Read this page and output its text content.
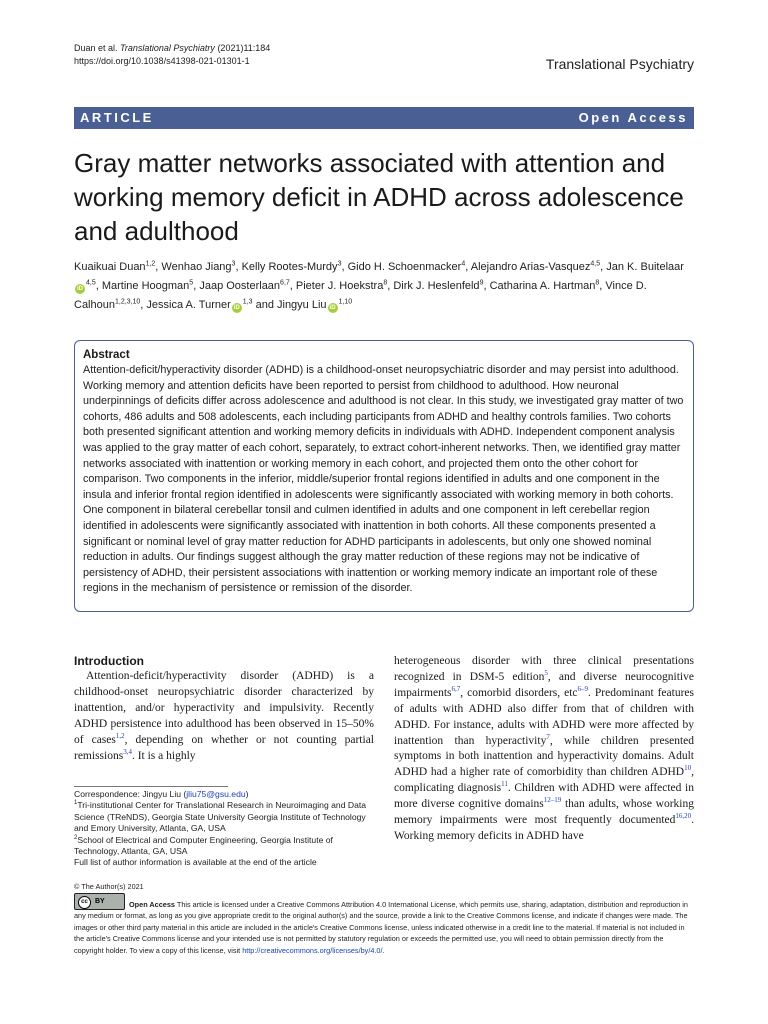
Duan et al. Translational Psychiatry (2021)11:184
https://doi.org/10.1038/s41398-021-01301-1	Translational Psychiatry
ARTICLE	Open Access
Gray matter networks associated with attention and working memory deficit in ADHD across adolescence and adulthood
Kuaikuai Duan$^{1,2}$, Wenhao Jiang$^3$, Kelly Rootes-Murdy$^3$, Gido H. Schoenmacker$^4$, Alejandro Arias-Vasquez$^{4,5}$, Jan K. BuitelaariD$^{4,5}$, Martine Hoogman$^5$, Jaap Oosterlaan$^{6,7}$, Pieter J. Hoekstra$^8$, Dirk J. Heslenfeld$^9$, Catharina A. Hartman$^8$, Vince D. Calhoun$^{1,2,3,10}$, Jessica A. Turner iD$^{1,3}$ and Jingyu Liu iD$^{1,10}$
Abstract
Attention-deficit/hyperactivity disorder (ADHD) is a childhood-onset neuropsychiatric disorder and may persist into adulthood. Working memory and attention deficits have been reported to persist from childhood to adulthood. How neuronal underpinnings of deficits differ across adolescence and adulthood is not clear. In this study, we investigated gray matter of two cohorts, 486 adults and 508 adolescents, each including participants from ADHD and healthy controls families. Two cohorts both presented significant attention and working memory deficits in individuals with ADHD. Independent component analysis was applied to the gray matter of each cohort, separately, to extract cohort-inherent networks. Then, we identified gray matter networks associated with inattention or working memory in each cohort, and projected them onto the other cohort for comparison. Two components in the inferior, middle/superior frontal regions identified in adults and one component in the insula and inferior frontal region identified in adolescents were significantly associated with working memory in both cohorts. One component in bilateral cerebellar tonsil and culmen identified in adults and one component in left cerebellar region identified in adolescents were significantly associated with inattention in both cohorts. All these components presented a significant or nominal level of gray matter reduction for ADHD participants in adolescents, but only one showed nominal reduction in adults. Our findings suggest although the gray matter reduction of these regions may not be indicative of persistency of ADHD, their persistent associations with inattention or working memory indicate an important role of these regions in the mechanism of persistence or remission of the disorder.
Introduction
Attention-deficit/hyperactivity disorder (ADHD) is a childhood-onset neuropsychiatric disorder characterized by inattention, and/or hyperactivity and impulsivity. Recently ADHD persistence into adulthood has been observed in 15–50% of cases$^{1,2}$, depending on whether or not counting partial remissions$^{3,4}$. It is a highly
heterogeneous disorder with three clinical presentations recognized in DSM-5 edition$^5$, and diverse neurocognitive impairments$^{6,7}$, comorbid disorders, etc$^{6-9}$. Predominant features of adults with ADHD also differ from that of children with ADHD. For instance, adults with ADHD were more affected by inattention than hyperactivity$^7$, while children presented symptoms in both inattention and hyperactivity domains. Adult ADHD had a higher rate of comorbidity than children ADHD$^{10}$, complicating diagnosis$^{11}$. Children with ADHD were affected in more diverse cognitive domains$^{12-19}$ than adults, whose working memory impairments were most frequently documented$^{16,20}$. Working memory deficits in ADHD have
Correspondence: Jingyu Liu (jliu75@gsu.edu)
$^1$Tri-institutional Center for Translational Research in Neuroimaging and Data Science (TReNDS), Georgia State University Georgia Institute of Technology and Emory University, Atlanta, GA, USA
$^2$School of Electrical and Computer Engineering, Georgia Institute of Technology, Atlanta, GA, USA
Full list of author information is available at the end of the article
© The Author(s) 2021
cc	BY	Open Access This article is licensed under a Creative Commons Attribution 4.0 International License, which permits use, sharing, adaptation, distribution and reproduction in any medium or format, as long as you give appropriate credit to the original author(s) and the source, provide a link to the Creative Commons license, and indicate if changes were made. The images or other third party material in this article are included in the article's Creative Commons license, unless indicated otherwise in a credit line to the material. If material is not included in the article's Creative Commons license and your intended use is not permitted by statutory regulation or exceeds the permitted use, you will need to obtain permission directly from the copyright holder. To view a copy of this license, visit http://creativecommons.org/licenses/by/4.0/.
